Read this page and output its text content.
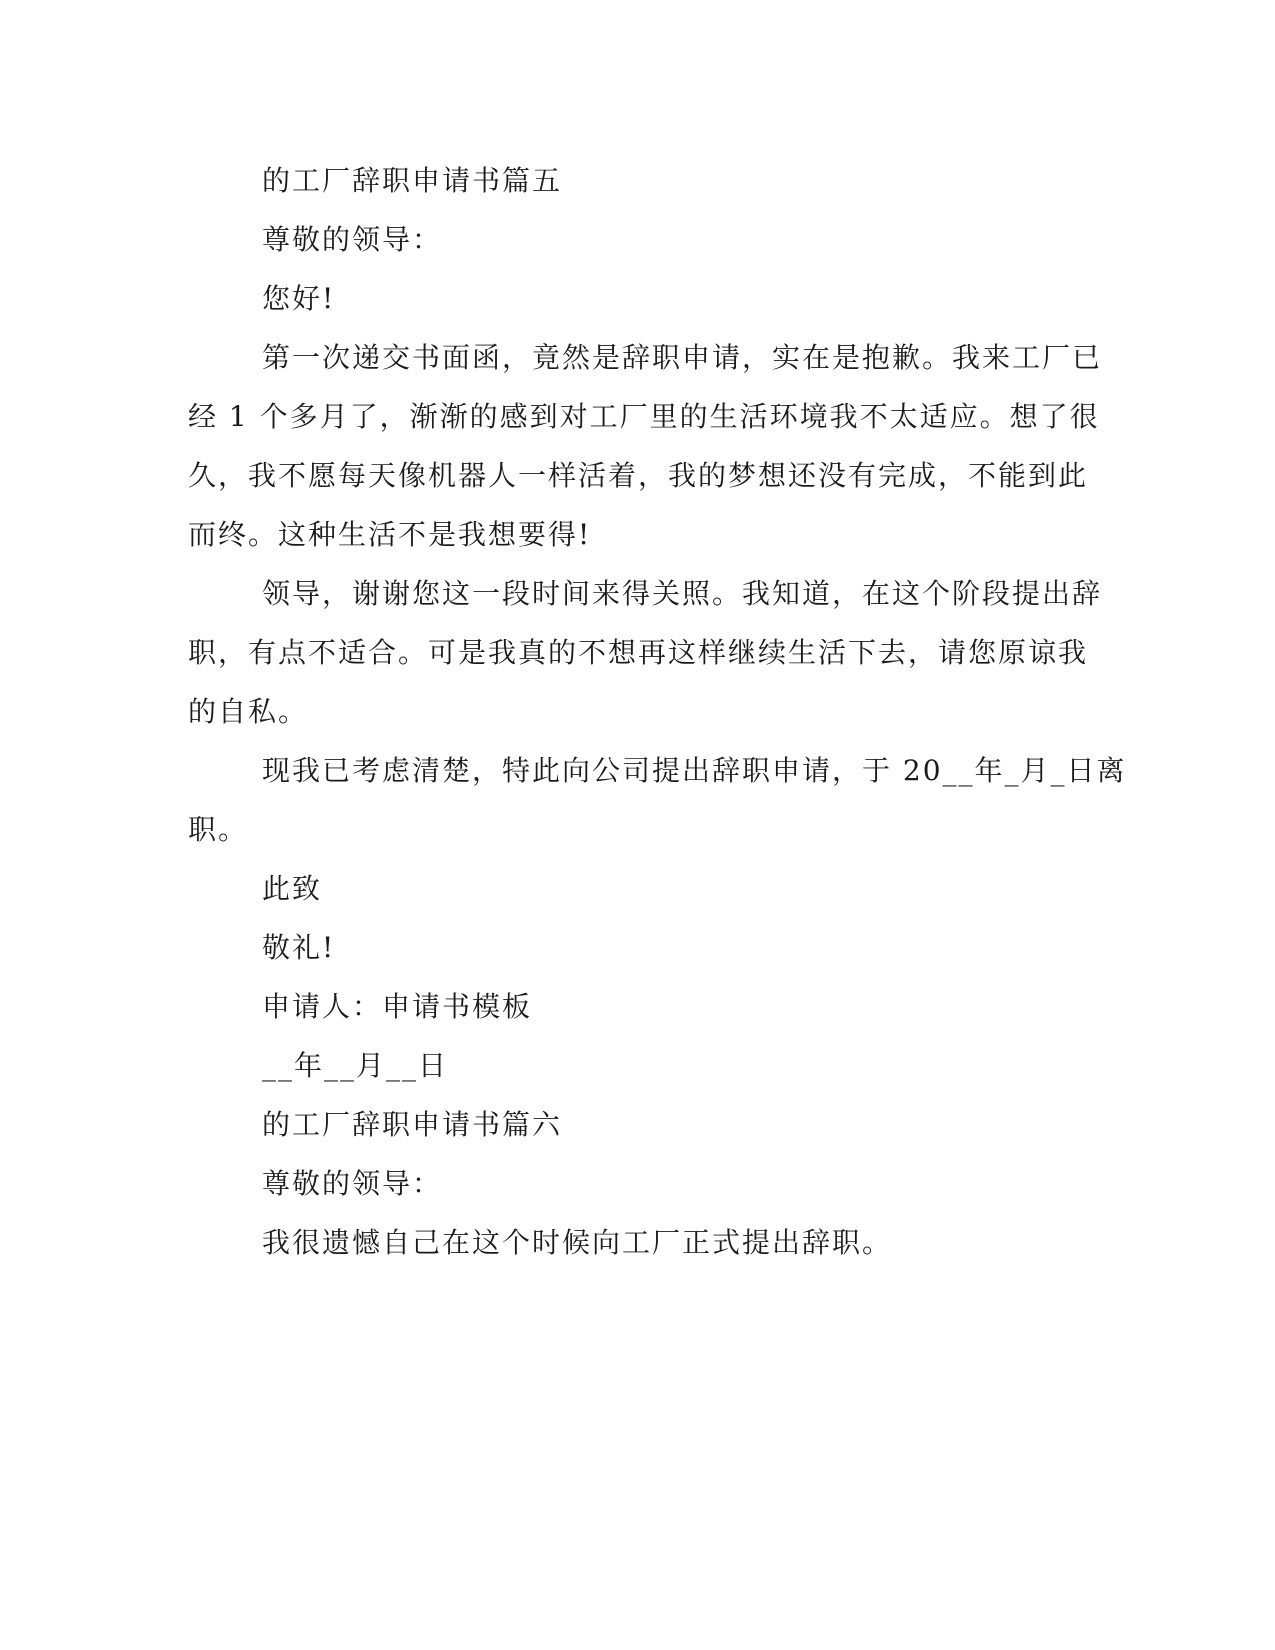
的工厂辞职申请书篇五
尊敬的领导：
您好!
第一次递交书面函，竟然是辞职申请，实在是抱歉。我来工厂已
经 1 个多月了，渐渐的感到对工厂里的生活环境我不太适应。想了很
久，我不愿每天像机器人一样活着，我的梦想还没有完成，不能到此
而终。这种生活不是我想要得!
领导，谢谢您这一段时间来得关照。我知道，在这个阶段提出辞
职，有点不适合。可是我真的不想再这样继续生活下去，请您原谅我
的自私。
现我已考虑清楚，特此向公司提出辞职申请，于 20__年_月_日离
职。
此致
敬礼!
申请人：申请书模板
__年__月__日
的工厂辞职申请书篇六
尊敬的领导：
我很遗憾自己在这个时候向工厂正式提出辞职。
